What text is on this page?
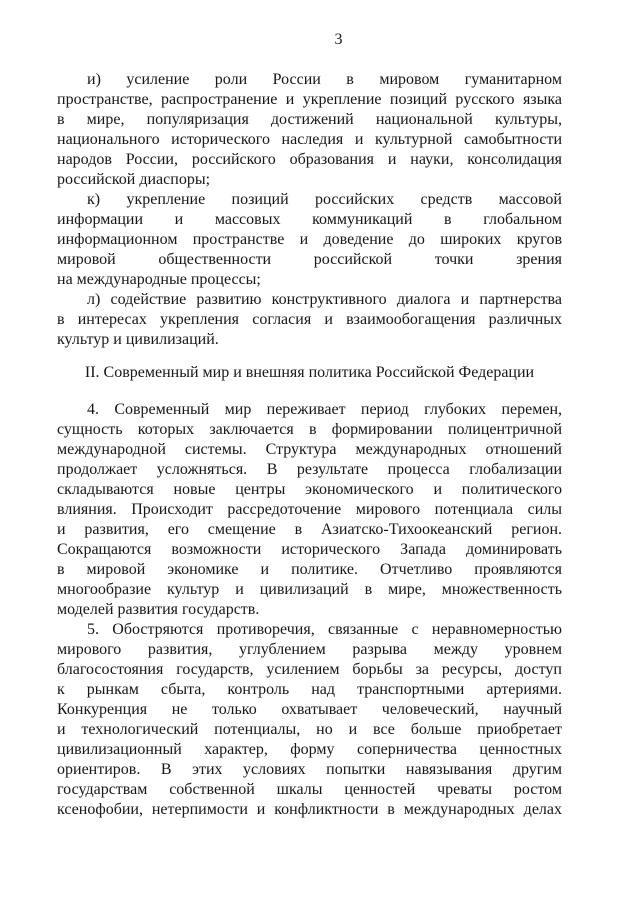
3
и) усиление роли России в мировом гуманитарном
пространстве, распространение и укрепление позиций русского языка
в мире, популяризация достижений национальной культуры,
национального исторического наследия и культурной самобытности
народов России, российского образования и науки, консолидация
российской диаспоры;
к) укрепление позиций российских средств массовой
информации и массовых коммуникаций в глобальном
информационном пространстве и доведение до широких кругов
мировой общественности российской точки зрения
на международные процессы;
л) содействие развитию конструктивного диалога и партнерства
в интересах укрепления согласия и взаимообогащения различных
культур и цивилизаций.
II. Современный мир и внешняя политика Российской Федерации
4. Современный мир переживает период глубоких перемен,
сущность которых заключается в формировании полицентричной
международной системы. Структура международных отношений
продолжает усложняться. В результате процесса глобализации
складываются новые центры экономического и политического
влияния. Происходит рассредоточение мирового потенциала силы
и развития, его смещение в Азиатско-Тихоокеанский регион.
Сокращаются возможности исторического Запада доминировать
в мировой экономике и политике. Отчетливо проявляются
многообразие культур и цивилизаций в мире, множественность
моделей развития государств.
5. Обостряются противоречия, связанные с неравномерностью
мирового развития, углублением разрыва между уровнем
благосостояния государств, усилением борьбы за ресурсы, доступ
к рынкам сбыта, контроль над транспортными артериями.
Конкуренция не только охватывает человеческий, научный
и технологический потенциалы, но и все больше приобретает
цивилизационный характер, форму соперничества ценностных
ориентиров. В этих условиях попытки навязывания другим
государствам собственной шкалы ценностей чреваты ростом
ксенофобии, нетерпимости и конфликтности в международных делах
